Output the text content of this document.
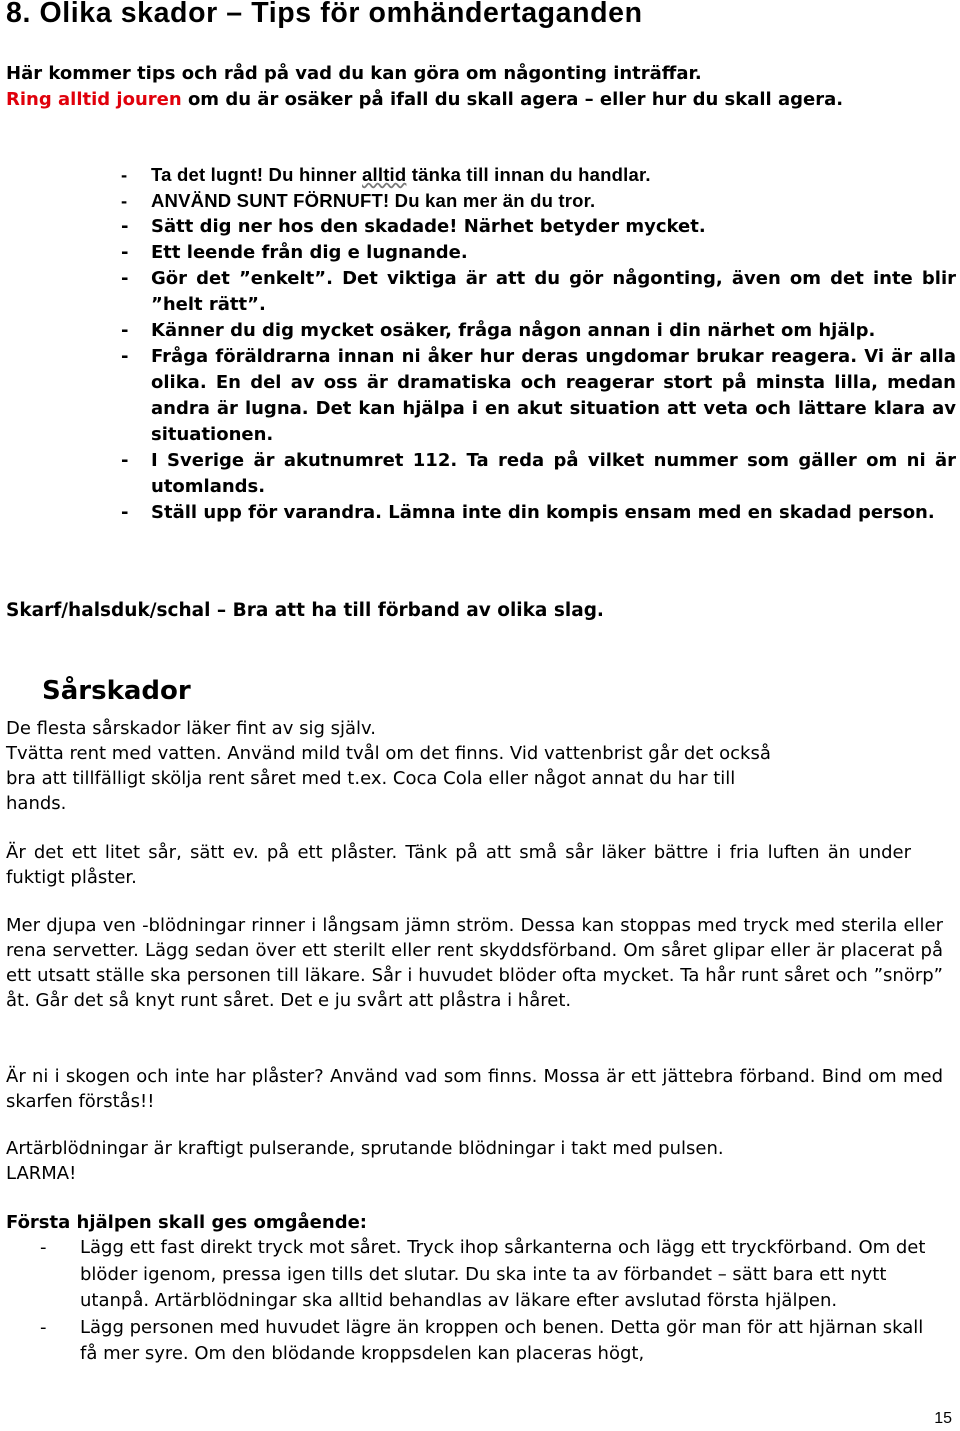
8. Olika skador – Tips för omhändertaganden
Här kommer tips och råd på vad du kan göra om någonting inträffar.
Ring alltid jouren om du är osäker på ifall du skall agera – eller hur du skall agera.
- Ta det lugnt! Du hinner alltid tänka till innan du handlar.
- ANVÄND SUNT FÖRNUFT! Du kan mer än du tror.
- Sätt dig ner hos den skadade! Närhet betyder mycket.
- Ett leende från dig e lugnande.
- Gör det ”enkelt”. Det viktiga är att du gör någonting, även om det inte blir ”helt rätt”.
- Känner du dig mycket osäker, fråga någon annan i din närhet om hjälp.
- Fråga föräldrarna innan ni åker hur deras ungdomar brukar reagera. Vi är alla olika. En del av oss är dramatiska och reagerar stort på minsta lilla, medan andra är lugna. Det kan hjälpa i en akut situation att veta och lättare klara av situationen.
- I Sverige är akutnumret 112. Ta reda på vilket nummer som gäller om ni är utomlands.
- Ställ upp för varandra. Lämna inte din kompis ensam med en skadad person.
Skarf/halsduk/schal – Bra att ha till förband av olika slag.
Sårskador

De flesta sårskador läker fint av sig själv.

Tvätta rent med vatten. Använd mild tvål om det finns. Vid vattenbrist går det också

bra att tillfälligt skölja rent såret med t.ex. Coca Cola eller något annat du har till

hands.

Är det ett litet sår, sätt ev. på ett plåster. Tänk på att små sår läker bättre i fria luften än under fuktigt plåster.
Mer djupa ven -blödningar rinner i långsam jämn ström. Dessa kan stoppas med tryck med sterila eller rena servetter. Lägg sedan över ett sterilt eller rent skyddsförband. Om såret glipar eller är placerat på ett utsatt ställe ska personen till läkare. Sår i huvudet blöder ofta mycket. Ta hår runt såret och ”snörp” åt. Går det så knyt runt såret. Det e ju svårt att plåstra i håret.
Är ni i skogen och inte har plåster? Använd vad som finns. Mossa är ett jättebra förband. Bind om med skarfen förstås!!

Artärblödningar är kraftigt pulserande, sprutande blödningar i takt med pulsen.

LARMA!

Första hjälpen skall ges omgående:
- Lägg ett fast direkt tryck mot såret. Tryck ihop sårkanterna och lägg ett tryckförband. Om det blöder igenom, pressa igen tills det slutar. Du ska inte ta av förbandet – sätt bara ett nytt utanpå. Artärblödningar ska alltid behandlas av läkare efter avslutad första hjälpen.
- Lägg personen med huvudet lägre än kroppen och benen. Detta gör man för att hjärnan skall få mer syre. Om den blödande kroppsdelen kan placeras högt,
15
